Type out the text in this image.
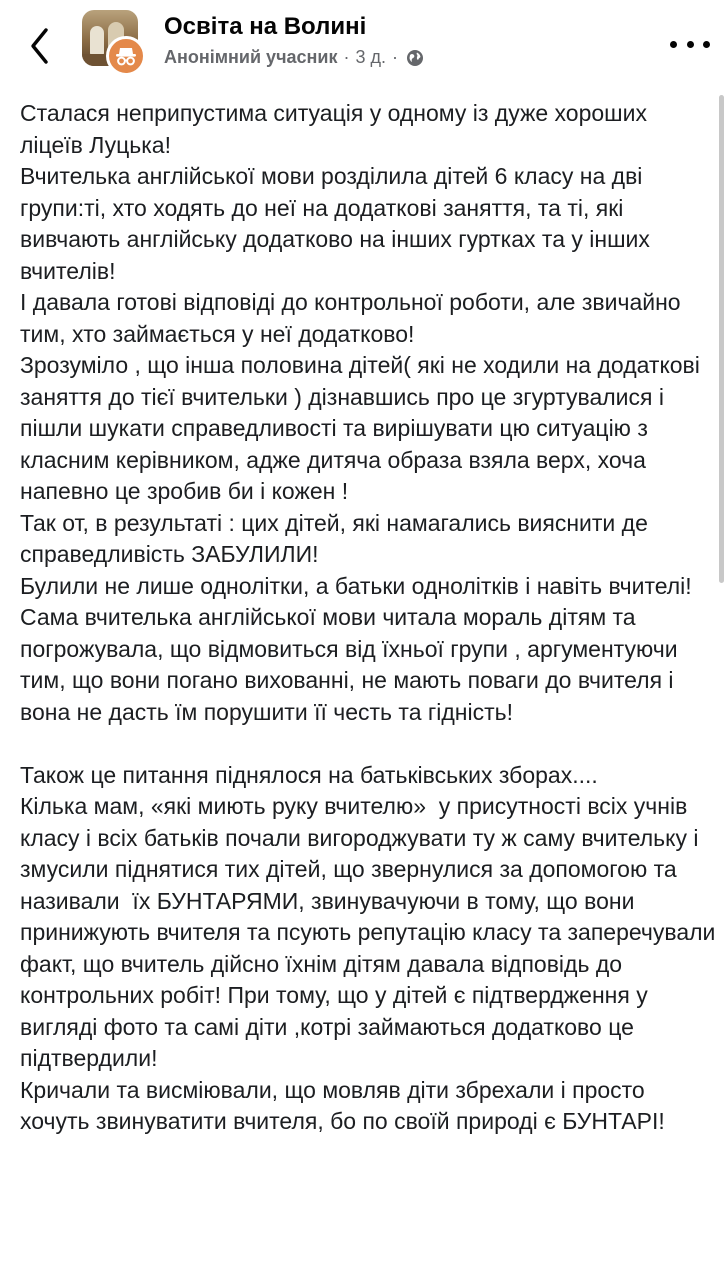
Освіта на Волині
Анонімний учасник · 3 д. ·

Сталася неприпустима ситуація у одному із дуже хороших ліцеїв Луцька!
Вчителька англійської мови розділила дітей 6 класу на дві групи:ті, хто ходять до неї на додаткові заняття, та ті, які вивчають англійську додатково на інших гуртках та у інших вчителів!
І давала готові відповіді до контрольної роботи, але звичайно тим, хто займається у неї додатково!
Зрозуміло , що інша половина дітей( які не ходили на додаткові заняття до тієї вчительки ) дізнавшись про це згуртувалися і пішли шукати справедливості та вирішувати цю ситуацію з класним керівником, адже дитяча образа взяла верх, хоча напевно це зробив би і кожен !
Так от, в результаті : цих дітей, які намагались вияснити де справедливість ЗАБУЛИЛИ!
Булили не лише однолітки, а батьки однолітків і навіть вчителі!
Сама вчителька англійської мови читала мораль дітям та погрожувала, що відмовиться від їхньої групи , аргументуючи тим, що вони погано вихованні, не мають поваги до вчителя і вона не дасть їм порушити її честь та гідність!

Також це питання піднялося на батьківських зборах....
Кілька мам, «які миють руку вчителю»  у присутності всіх учнів класу і всіх батьків почали вигороджувати ту ж саму вчительку і змусили піднятися тих дітей, що звернулися за допомогою та називали  їх БУНТАРЯМИ, звинувачуючи в тому, що вони принижують вчителя та псують репутацію класу та заперечували факт, що вчитель дійсно їхнім дітям давала відповідь до контрольних робіт! При тому, що у дітей є підтвердження у вигляді фото та самі діти ,котрі займаються додатково це підтвердили!
Кричали та висміювали, що мовляв діти збрехали і просто хочуть звинуватити вчителя, бо по своїй природі є БУНТАРІ!
